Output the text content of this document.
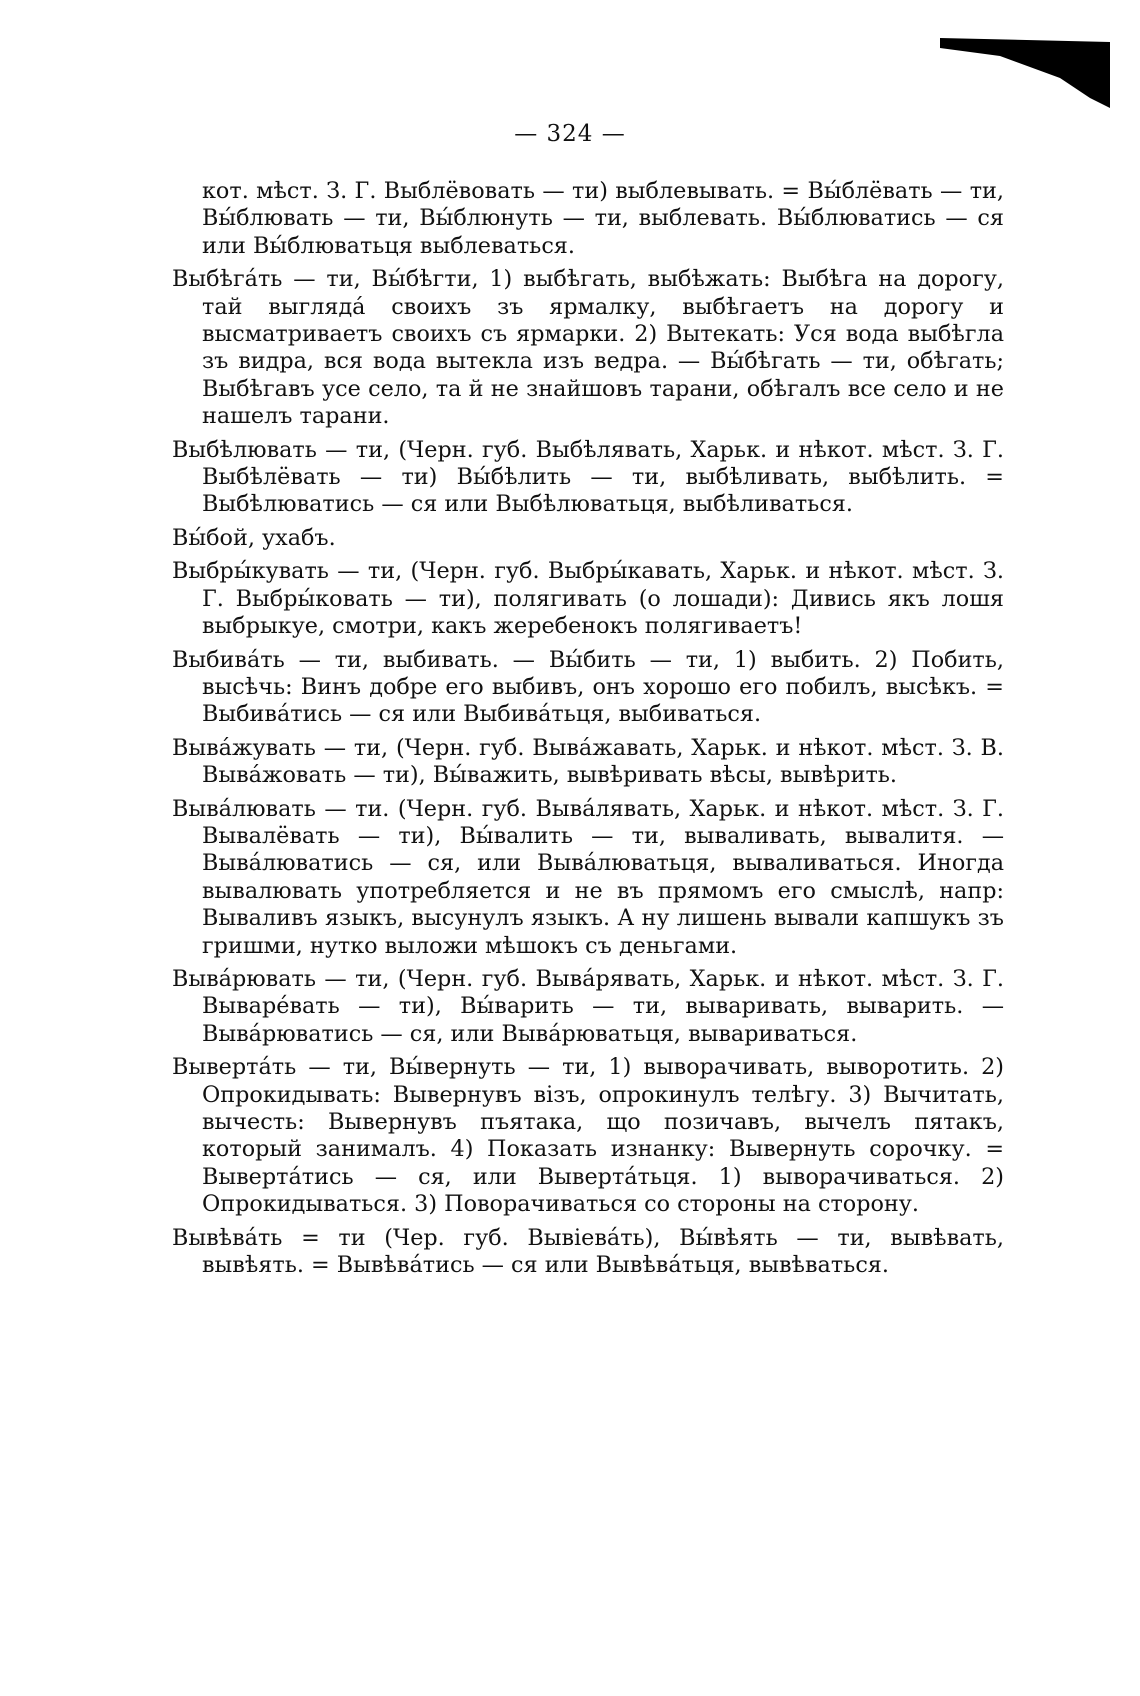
— 324 —

кот. мѣст. З. Г. Выблёвовать — ти) выблевывать. = Вы́блёвать — ти, Вы́блювать — ти, Вы́блюнуть — ти, выблевать. Вы́блюватись — ся или Вы́блюватьця выблеваться.

Выбѣга́ть — ти, Вы́бѣгти, 1) выбѣгать, выбѣжать: Выбѣга на дорогу, тай выглядá своихъ зъ ярмалку, выбѣгаетъ на дорогу и высматриваетъ своихъ съ ярмарки. 2) Вытекать: Уся вода выбѣгла зъ видра, вся вода вытекла изъ ведра. — Вы́бѣгать — ти, обѣгать; Выбѣгавъ усе село, та й не знайшовъ тарани, обѣгалъ все село и не нашелъ тарани.

Выбѣлювать — ти, (Черн. губ. Выбѣлявать, Харьк. и нѣкот. мѣст. З. Г. Выбѣлёвать — ти) Вы́бѣлить — ти, выбѣливать, выбѣлить. = Выбѣлюватись — ся или Выбѣлюватьця, выбѣливаться.

Вы́бой, ухабъ.

Выбры́кувать — ти, (Черн. губ. Выбры́кавать, Харьк. и нѣкот. мѣст. З. Г. Выбры́ковать — ти), полягивать (о лошади): Дивись якъ лошя выбрыкуе, смотри, какъ жеребенокъ полягиваетъ!

Выбива́ть — ти, выбивать. — Вы́бить — ти, 1) выбить. 2) Побить, высѣчь: Винъ добре его выбивъ, онъ хорошо его побилъ, высѣкъ. = Выбива́тись — ся или Выбива́тьця, выбиваться.

Вывáжувать — ти, (Черн. губ. Вывáжавать, Харьк. и нѣкот. мѣст. З. В. Вывáжовать — ти), Вы́важить, вывѣривать вѣсы, вывѣрить.

Выва́лювать — ти. (Черн. губ. Выва́лявать, Харьк. и нѣкот. мѣст. З. Г. Вывалёвать — ти), Вы́валить — ти, вываливать, вывалитя. — Выва́люватись — ся, или Выва́люватьця, вываливаться. Иногда вывалювать употребляется и не въ прямомъ его смыслѣ, напр: Вываливъ языкъ, высунулъ языкъ. А ну лишень вывали капшукъ зъ гришми, нутко выложи мѣшокъ съ деньгами.

Выва́рювать — ти, (Черн. губ. Выва́рявать, Харьк. и нѣкот. мѣст. З. Г. Вываре́вать — ти), Вы́варить — ти, вываривать, выварить. — Выва́рюватись — ся, или Выва́рюватьця, вывариваться.

Выверта́ть — ти, Вы́вернуть — ти, 1) выворачивать, выворотить. 2) Опрокидывать: Вывернувъ вiзъ, опрокинулъ телѣгу. 3) Вычитать, вычесть: Вывернувъ пъятака, що позичавъ, вычелъ пятакъ, который занималъ. 4) Показать изнанку: Вывернуть сорочку. = Выверта́тись — ся, или Выверта́тьця. 1) выворачиваться. 2) Опрокидываться. 3) Поворачиваться со стороны на сторону.

Вывѣва́ть = ти (Чер. губ. Вывiева́ть), Вы́вѣять — ти, вывѣвать, вывѣять. = Вывѣва́тись — ся или Вывѣва́тьця, вывѣваться.
